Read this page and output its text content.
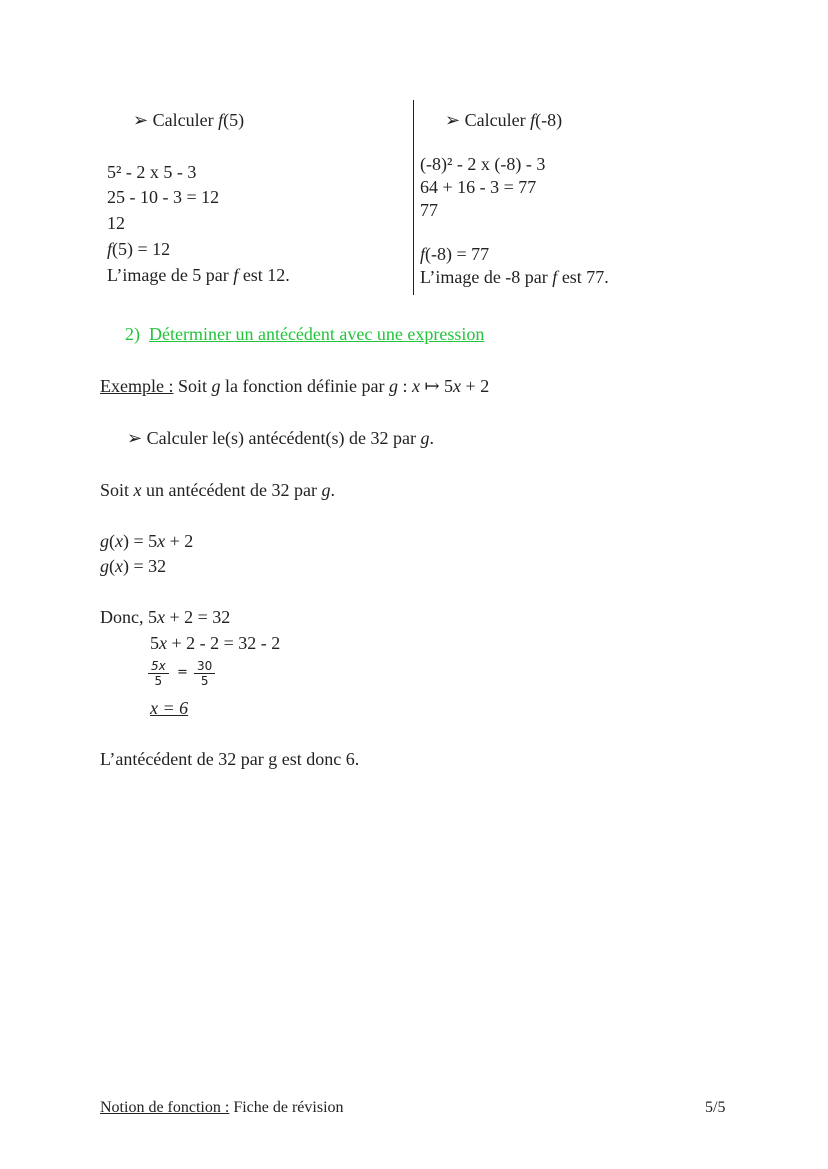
➢ Calculer f(5)
5² - 2 x 5 - 3
25 - 10 - 3 = 12
12
f(5) = 12
L’image de 5 par f est 12.
➢ Calculer f(-8)
(-8)² - 2 x (-8) - 3
64 + 16 - 3 = 77
77
f(-8) = 77
L’image de -8 par f est 77.
2) Déterminer un antécédent avec une expression
Exemple : Soit g la fonction définie par g : x ↦ 5x + 2
➢ Calculer le(s) antécédent(s) de 32 par g.
Soit x un antécédent de 32 par g.
g(x) = 5x + 2
g(x) = 32
Donc, 5x + 2 = 32
5x + 2 - 2 = 32 - 2
$\frac{5x}{5} = \frac{30}{5}$
x = 6
L’antécédent de 32 par g est donc 6.
Notion de fonction : Fiche de révision	5/5
